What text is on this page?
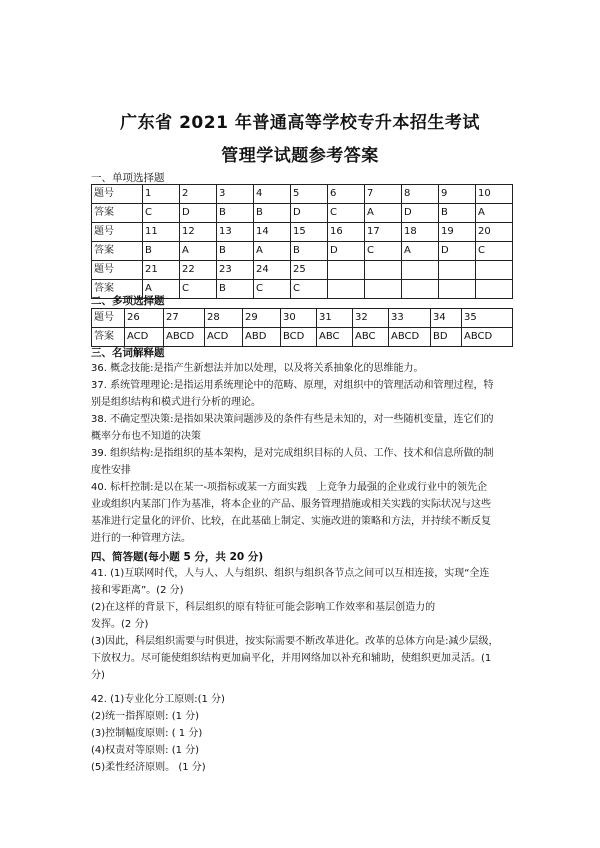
广东省 2021 年普通高等学校专升本招生考试
管理学试题参考答案
一、单项选择题
题号	1	2	3	4	5	6	7	8	9	10
答案	C	D	B	B	D	C	A	D	B	A
题号	11	12	13	14	15	16	17	18	19	20
答案	B	A	B	A	B	D	C	A	D	C
题号	21	22	23	24	25					
答案	A	C	B	C	C					
二、多项选择题
题号	26	27	28	29	30	31	32	33	34	35
答案	ACD	ABCD	ACD	ABD	BCD	ABC	ABC	ABCD	BD	ABCD
三、名词解释题

36. 概念技能:是指产生新想法并加以处理，以及将关系抽象化的思维能力。

37. 系统管理理论:是指运用系统理论中的范畴、原理，对组织中的管理活动和管理过程，特

别是组织结构和模式进行分析的理论。

38. 不确定型决策:是指如果决策问题涉及的条件有些是未知的，对一些随机变量，连它们的

概率分布也不知道的决策

39. 组织结构:是指组织的基本架构，是对完成组织目标的人员、工作、技术和信息所做的制

度性安排

40. 标杆控制:是以在某一-项指标或某一方面实践　上竞争力最强的企业或行业中的领先企

业或组织内某部门作为基准，将本企业的产品、服务管理措施或相关实践的实际状况与这些

基准进行定量化的评价、比较，在此基础上制定、实施改进的策略和方法，并持续不断反复

进行的一种管理方法。

四、简答题(每小题 5 分，共 20 分)

41. (1)互联网时代，人与人、人与组织、组织与组织各节点之间可以互相连接，实现“全连

接和零距离”。(2 分)

(2)在这样的背景下，科层组织的原有特征可能会影响工作效率和基层创造力的

发挥。(2 分)

(3)因此，科层组织需要与时俱进，按实际需要不断改革进化。改革的总体方向是:减少层级，

下放权力。尽可能使组织结构更加扁平化，并用网络加以补充和辅助，使组织更加灵活。(1

分)

42. (1)专业化分工原则:(1 分)

(2)统一指挥原则: (1 分)

(3)控制幅度原则: ( 1 分)

(4)权责对等原则: (1 分)

(5)柔性经济原则。 (1 分)
